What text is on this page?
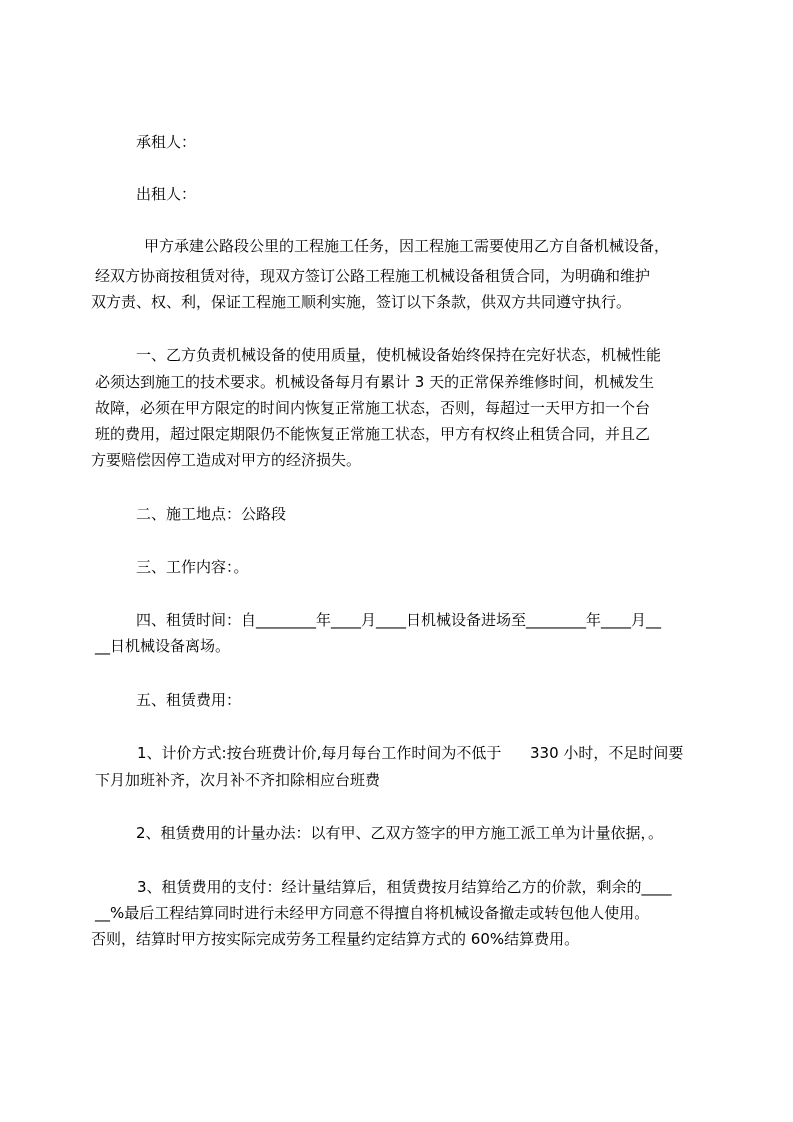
承租人：
出租人：
甲方承建公路段公里的工程施工任务，因工程施工需要使用乙方自备机械设备，
经双方协商按租赁对待，现双方签订公路工程施工机械设备租赁合同，为明确和维护
双方责、权、利，保证工程施工顺利实施，签订以下条款，供双方共同遵守执行。
一、乙方负责机械设备的使用质量，使机械设备始终保持在完好状态，机械性能
必须达到施工的技术要求。机械设备每月有累计 3 天的正常保养维修时间，机械发生
故障，必须在甲方限定的时间内恢复正常施工状态，否则，每超过一天甲方扣一个台
班的费用，超过限定期限仍不能恢复正常施工状态，甲方有权终止租赁合同，并且乙
方要赔偿因停工造成对甲方的经济损失。
二、施工地点：公路段
三、工作内容：。
四、租赁时间：自________年____月____日机械设备进场至________年____月__
__日机械设备离场。
五、租赁费用：
1、计价方式:按台班费计价,每月每台工作时间为不低于      330 小时，不足时间要
下月加班补齐，次月补不齐扣除相应台班费
2、租赁费用的计量办法：以有甲、乙双方签字的甲方施工派工单为计量依据，。
3、租赁费用的支付：经计量结算后，租赁费按月结算给乙方的价款，剩余的____
__%最后工程结算同时进行未经甲方同意不得擅自将机械设备撤走或转包他人使用。
否则，结算时甲方按实际完成劳务工程量约定结算方式的 60%结算费用。
